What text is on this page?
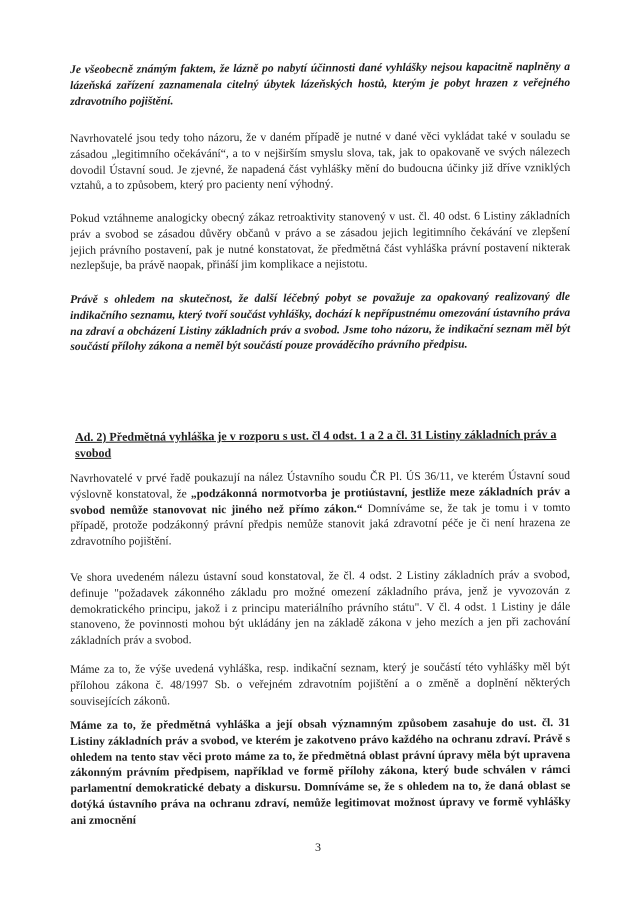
Je všeobecně známým faktem, že lázně po nabytí účinnosti dané vyhlášky nejsou kapacitně naplněny a lázeňská zařízení zaznamenala citelný úbytek lázeňských hostů, kterým je pobyt hrazen z veřejného zdravotního pojištění.

Navrhovatelé jsou tedy toho názoru, že v daném případě je nutné v dané věci vykládat také v souladu se zásadou „legitimního očekávání“, a to v nejširším smyslu slova, tak, jak to opakovaně ve svých nálezech dovodil Ústavní soud. Je zjevné, že napadená část vyhlášky mění do budoucna účinky již dříve vzniklých vztahů, a to způsobem, který pro pacienty není výhodný.

Pokud vztáhneme analogicky obecný zákaz retroaktivity stanovený v ust. čl. 40 odst. 6 Listiny základních práv a svobod se zásadou důvěry občanů v právo a se zásadou jejich legitimního čekávání ve zlepšení jejich právního postavení, pak je nutné konstatovat, že předmětná část vyhláška právní postavení nikterak nezlepšuje, ba právě naopak, přináší jim komplikace a nejistotu.

Právě s ohledem na skutečnost, že další léčebný pobyt se považuje za opakovaný realizovaný dle indikačního seznamu, který tvoří součást vyhlášky, dochází k nepřípustnému omezování ústavního práva na zdraví a obcházení Listiny základních práv a svobod. Jsme toho názoru, že indikační seznam měl být součástí přílohy zákona a neměl být součástí pouze prováděcího právního předpisu.

Ad. 2) Předmětná vyhláška je v rozporu s ust. čl 4 odst. 1 a 2 a čl. 31 Listiny základních práv a svobod

Navrhovatelé v prvé řadě poukazují na nález Ústavního soudu ČR Pl. ÚS 36/11, ve kterém Ústavní soud výslovně konstatoval, že „podzákonná normotvorba je protiústavní, jestliže meze základních práv a svobod nemůže stanovovat nic jiného než přímo zákon.“ Domníváme se, že tak je tomu i v tomto případě, protože podzákonný právní předpis nemůže stanovit jaká zdravotní péče je či není hrazena ze zdravotního pojištění.

Ve shora uvedeném nálezu ústavní soud konstatoval, že čl. 4 odst. 2 Listiny základních práv a svobod, definuje "požadavek zákonného základu pro možné omezení základního práva, jenž je vyvozován z demokratického principu, jakož i z principu materiálního právního státu". V čl. 4 odst. 1 Listiny je dále stanoveno, že povinnosti mohou být ukládány jen na základě zákona v jeho mezích a jen při zachování základních práv a svobod.

Máme za to, že výše uvedená vyhláška, resp. indikační seznam, který je součástí této vyhlášky měl být přílohou zákona č. 48/1997 Sb. o veřejném zdravotním pojištění a o změně a doplnění některých souvisejících zákonů.

Máme za to, že předmětná vyhláška a její obsah významným způsobem zasahuje do ust. čl. 31 Listiny základních práv a svobod, ve kterém je zakotveno právo každého na ochranu zdraví. Právě s ohledem na tento stav věci proto máme za to, že předmětná oblast právní úpravy měla být upravena zákonným právním předpisem, například ve formě přílohy zákona, který bude schválen v rámci parlamentní demokratické debaty a diskursu. Domníváme se, že s ohledem na to, že daná oblast se dotýká ústavního práva na ochranu zdraví, nemůže legitimovat možnost úpravy ve formě vyhlášky ani zmocnění

3
